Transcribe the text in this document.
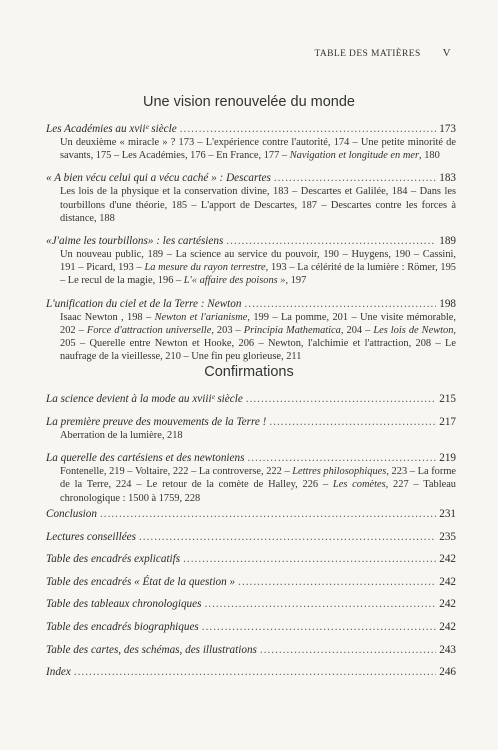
TABLE DES MATIÈRES V
Une vision renouvelée du monde
Les Académies au xviiᵉ siècle .....	173
Un deuxième « miracle » ? 173 – L'expérience contre l'autorité, 174 – Une petite minorité de savants, 175 – Les Académies, 176 – En France, 177 – Navigation et longitude en mer, 180
« A bien vécu celui qui a vécu caché » : Descartes .....	183
Les lois de la physique et la conservation divine, 183 – Descartes et Galilée, 184 – Dans les tourbillons d'une théorie, 185 – L'apport de Descartes, 187 – Descartes contre les forces à distance, 188
«J'aime les tourbillons» : les cartésiens .....	189
Un nouveau public, 189 – La science au service du pouvoir, 190 – Huygens, 190 – Cassini, 191 – Picard, 193 – La mesure du rayon terrestre, 193 – La célérité de la lumière : Römer, 195 – Le recul de la magie, 196 – L'« affaire des poisons », 197
L'unification du ciel et de la Terre : Newton .....	198
Isaac Newton , 198 – Newton et l'arianisme, 199 – La pomme, 201 – Une visite mémorable, 202 – Force d'attraction universelle, 203 – Principia Mathematica, 204 – Les lois de Newton, 205 – Querelle entre Newton et Hooke, 206 – Newton, l'alchimie et l'attraction, 208 – Le naufrage de la vieillesse, 210 – Une fin peu glorieuse, 211
Confirmations
La science devient à la mode au xviiiᵉ siècle .....	215
La première preuve des mouvements de la Terre ! .....	217
Aberration de la lumière, 218
La querelle des cartésiens et des newtoniens .....	219
Fontenelle, 219 – Voltaire, 222 – La controverse, 222 – Lettres philosophiques, 223 – La forme de la Terre, 224 – Le retour de la comète de Halley, 226 – Les comètes, 227 – Tableau chronologique : 1500 à 1759, 228
Conclusion .....	231
Lectures conseillées .....	235
Table des encadrés explicatifs .....	242
Table des encadrés « État de la question » .....	242
Table des tableaux chronologiques .....	242
Table des encadrés biographiques .....	242
Table des cartes, des schémas, des illustrations .....	243
Index .....	246
